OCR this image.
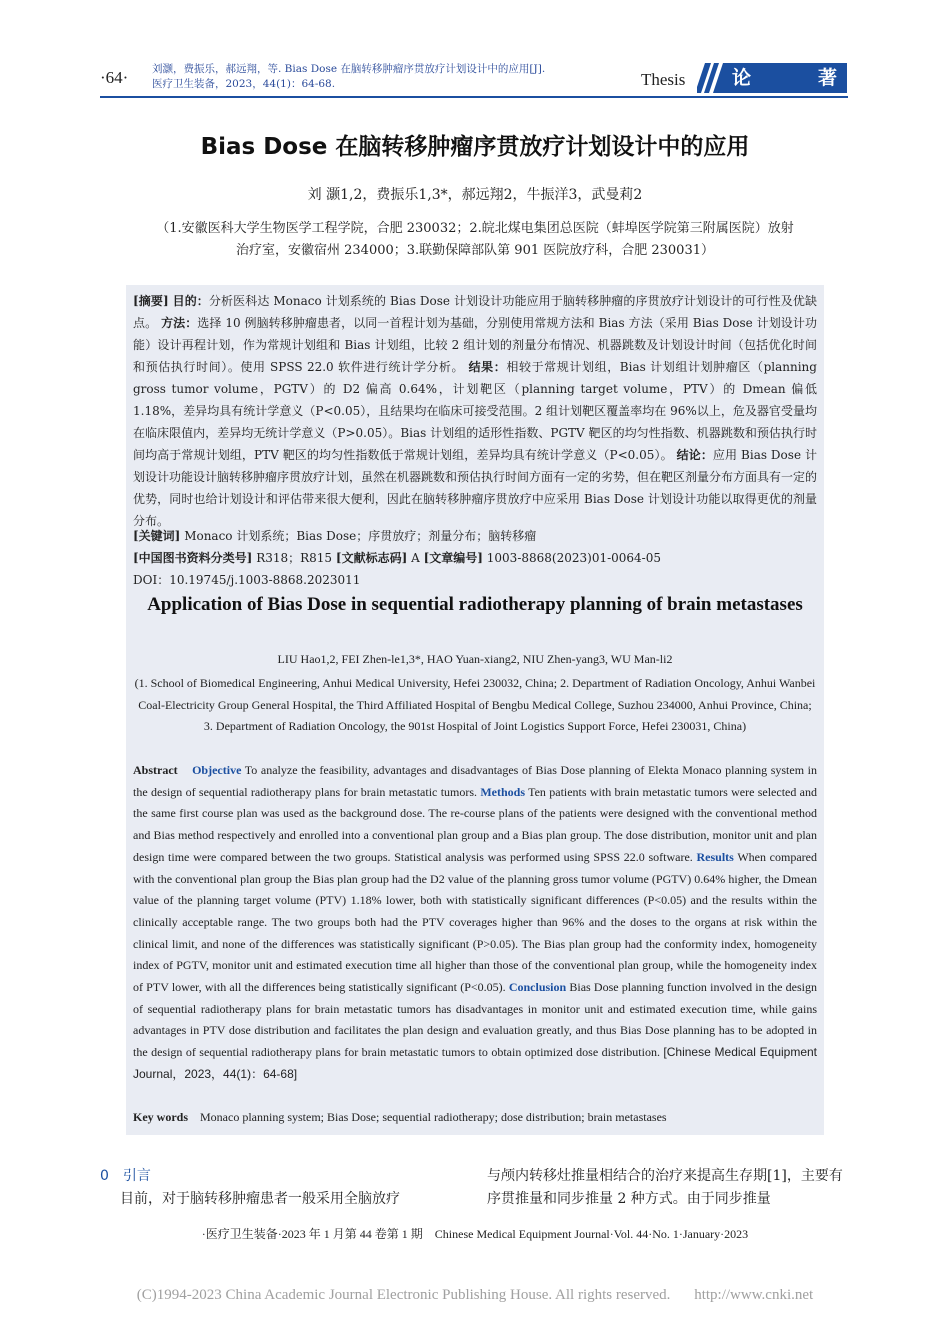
·64· 刘灏，费振乐，郝远翔，等. Bias Dose 在脑转移肿瘤序贯放疗计划设计中的应用[J].
医疗卫生装备，2023，44(1)：64-68.	Thesis 论	著
Bias Dose 在脑转移肿瘤序贯放疗计划设计中的应用
刘 灏1,2，费振乐1,3*，郝远翔2，牛振洋3，武曼莉2
（1.安徽医科大学生物医学工程学院，合肥 230032；2.皖北煤电集团总医院（蚌埠医学院第三附属医院）放射治疗室，安徽宿州 234000；3.联勤保障部队第 901 医院放疗科，合肥 230031）
[摘要] 目的：分析医科达 Monaco 计划系统的 Bias Dose 计划设计功能应用于脑转移肿瘤的序贯放疗计划设计的可行性及优缺点。 方法：选择 10 例脑转移肿瘤患者，以同一首程计划为基础，分别使用常规方法和 Bias 方法（采用 Bias Dose 计划设计功能）设计再程计划，作为常规计划组和 Bias 计划组，比较 2 组计划的剂量分布情况、机器跳数及计划设计时间（包括优化时间和预估执行时间）。使用 SPSS 22.0 软件进行统计学分析。 结果：相较于常规计划组，Bias 计划组计划肿瘤区（planning gross tumor volume，PGTV）的 D2 偏高 0.64%，计划靶区（planning target volume，PTV）的 Dmean 偏低 1.18%，差异均具有统计学意义（P<0.05），且结果均在临床可接受范围。2 组计划靶区覆盖率均在 96%以上，危及器官受量均在临床限值内，差异均无统计学意义（P>0.05）。Bias 计划组的适形性指数、PGTV 靶区的均匀性指数、机器跳数和预估执行时间均高于常规计划组，PTV 靶区的均匀性指数低于常规计划组，差异均具有统计学意义（P<0.05）。 结论：应用 Bias Dose 计划设计功能设计脑转移肿瘤序贯放疗计划，虽然在机器跳数和预估执行时间方面有一定的劣势，但在靶区剂量分布方面具有一定的优势，同时也给计划设计和评估带来很大便利，因此在脑转移肿瘤序贯放疗中应采用 Bias Dose 计划设计功能以取得更优的剂量分布。
[关键词] Monaco 计划系统；Bias Dose；序贯放疗；剂量分布；脑转移瘤
[中国图书资料分类号] R318；R815 [文献标志码] A [文章编号] 1003-8868(2023)01-0064-05
DOI：10.19745/j.1003-8868.2023011
Application of Bias Dose in sequential radiotherapy planning of brain metastases
LIU Hao1,2, FEI Zhen-le1,3*, HAO Yuan-xiang2, NIU Zhen-yang3, WU Man-li2
(1. School of Biomedical Engineering, Anhui Medical University, Hefei 230032, China; 2. Department of Radiation Oncology, Anhui Wanbei Coal-Electricity Group General Hospital, the Third Affiliated Hospital of Bengbu Medical College, Suzhou 234000, Anhui Province, China; 3. Department of Radiation Oncology, the 901st Hospital of Joint Logistics Support Force, Hefei 230031, China)
Abstract Objective To analyze the feasibility, advantages and disadvantages of Bias Dose planning of Elekta Monaco planning system in the design of sequential radiotherapy plans for brain metastatic tumors. Methods Ten patients with brain metastatic tumors were selected and the same first course plan was used as the background dose. The re-course plans of the patients were designed with the conventional method and Bias method respectively and enrolled into a conventional plan group and a Bias plan group. The dose distribution, monitor unit and plan design time were compared between the two groups. Statistical analysis was performed using SPSS 22.0 software. Results When compared with the conventional plan group the Bias plan group had the D2 value of the planning gross tumor volume (PGTV) 0.64% higher, the Dmean value of the planning target volume (PTV) 1.18% lower, both with statistically significant differences (P<0.05) and the results within the clinically acceptable range. The two groups both had the PTV coverages higher than 96% and the doses to the organs at risk within the clinical limit, and none of the differences was statistically significant (P>0.05). The Bias plan group had the conformity index, homogeneity index of PGTV, monitor unit and estimated execution time all higher than those of the conventional plan group, while the homogeneity index of PTV lower, with all the differences being statistically significant (P<0.05). Conclusion Bias Dose planning function involved in the design of sequential radiotherapy plans for brain metastatic tumors has disadvantages in monitor unit and estimated execution time, while gains advantages in PTV dose distribution and facilitates the plan design and evaluation greatly, and thus Bias Dose planning has to be adopted in the design of sequential radiotherapy plans for brain metastatic tumors to obtain optimized dose distribution. [Chinese Medical Equipment Journal，2023，44(1)：64-68]
Key words Monaco planning system; Bias Dose; sequential radiotherapy; dose distribution; brain metastases
0　引言
目前，对于脑转移肿瘤患者一般采用全脑放疗
与颅内转移灶推量相结合的治疗来提高生存期[1]，主要有序贯推量和同步推量 2 种方式。由于同步推量
·医疗卫生装备·2023 年 1 月第 44 卷第 1 期　Chinese Medical Equipment Journal·Vol. 44·No. 1·January·2023
(C)1994-2023 China Academic Journal Electronic Publishing House. All rights reserved. http://www.cnki.net
